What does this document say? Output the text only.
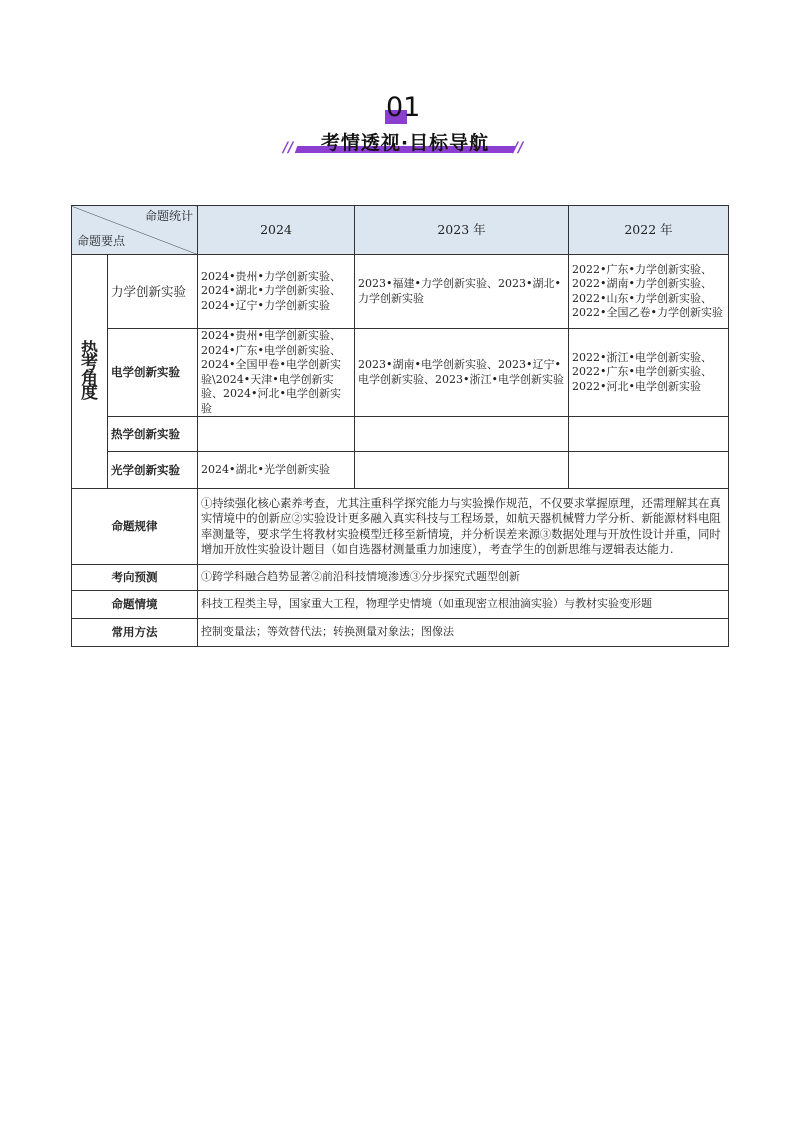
01
//	//
考情透视·目标导航
命题统计
命题要点		2024	2023 年	2022 年

热
考
角
度	力学创新实验	2024•贵州•力学创新实验、2024•湖北•力学创新实验、2024•辽宁•力学创新实验	2023•福建•力学创新实验、2023•湖北•力学创新实验	2022•广东•力学创新实验、2022•湖南•力学创新实验、2022•山东•力学创新实验、2022•全国乙卷•力学创新实验
	电学创新实验	2024•贵州•电学创新实验、2024•广东•电学创新实验、2024•全国甲卷•电学创新实验\2024•天津•电学创新实验、2024•河北•电学创新实验	2023•湖南•电学创新实验、2023•辽宁•电学创新实验、2023•浙江•电学创新实验	2022•浙江•电学创新实验、2022•广东•电学创新实验、2022•河北•电学创新实验
	热学创新实验			
	光学创新实验	2024•湖北•光学创新实验		
命题规律		①持续强化核心素养考查，尤其注重科学探究能力与实验操作规范，不仅要求掌握原理，还需理解其在真实情境中的创新应②实验设计更多融入真实科技与工程场景，如航天器机械臂力学分析、新能源材料电阻率测量等，要求学生将教材实验模型迁移至新情境，并分析误差来源③数据处理与开放性设计并重，同时增加开放性实验设计题目（如自选器材测量重力加速度），考查学生的创新思维与逻辑表达能力.		
考向预测		①跨学科融合趋势显著②前沿科技情境渗透③分步探究式题型创新		
命题情境		科技工程类主导，国家重大工程，物理学史情境（如重现密立根油滴实验）与教材实验变形题		
常用方法		控制变量法；等效替代法；转换测量对象法；图像法		
